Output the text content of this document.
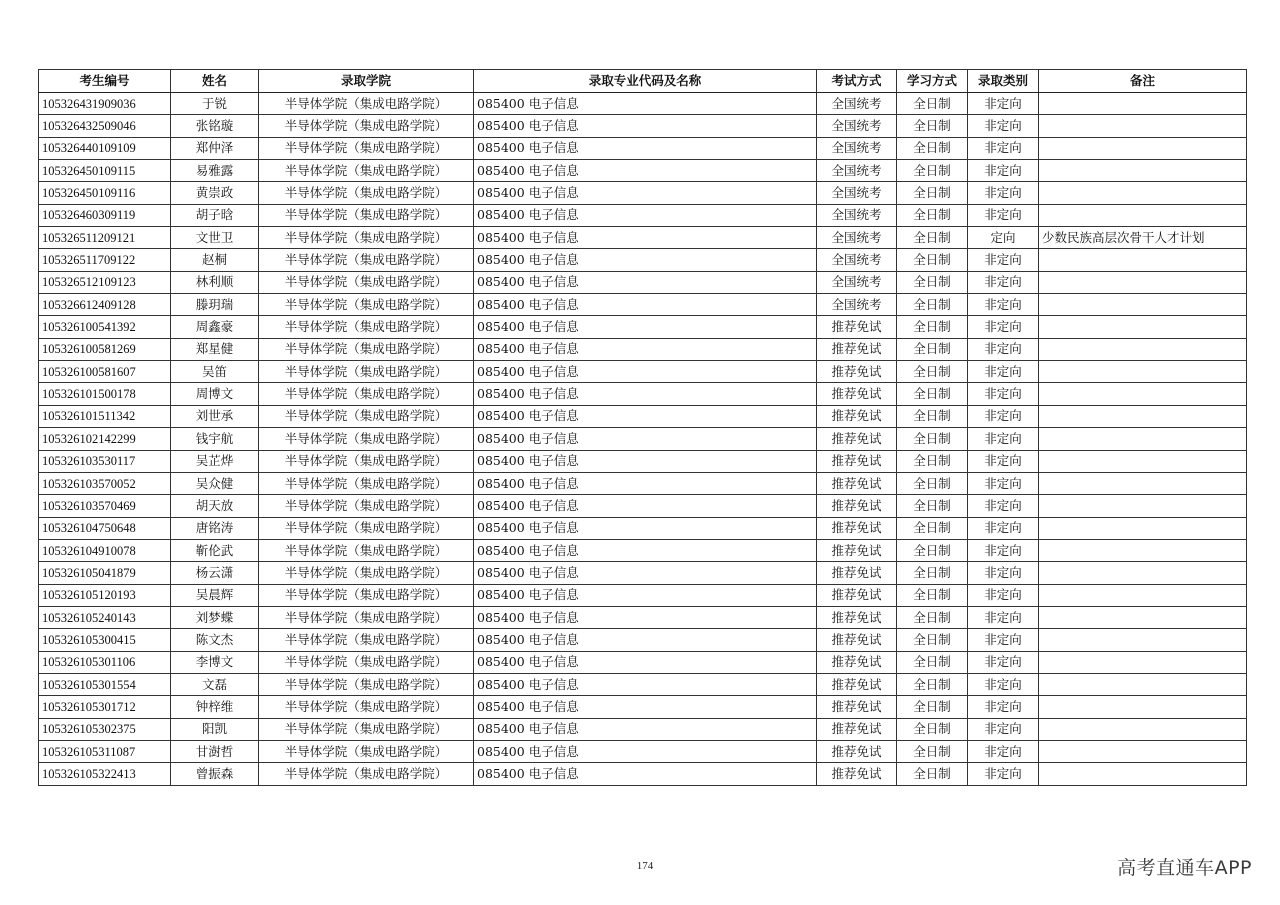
考生编号	姓名	录取学院	录取专业代码及名称	考试方式	学习方式	录取类别	备注
105326431909036	于锐	半导体学院（集成电路学院）	085400 电子信息	全国统考	全日制	非定向	
105326432509046	张铭璇	半导体学院（集成电路学院）	085400 电子信息	全国统考	全日制	非定向	
105326440109109	郑仲泽	半导体学院（集成电路学院）	085400 电子信息	全国统考	全日制	非定向	
105326450109115	易雅露	半导体学院（集成电路学院）	085400 电子信息	全国统考	全日制	非定向	
105326450109116	黄崇政	半导体学院（集成电路学院）	085400 电子信息	全国统考	全日制	非定向	
105326460309119	胡子晗	半导体学院（集成电路学院）	085400 电子信息	全国统考	全日制	非定向	
105326511209121	文世卫	半导体学院（集成电路学院）	085400 电子信息	全国统考	全日制	定向	少数民族高层次骨干人才计划
105326511709122	赵桐	半导体学院（集成电路学院）	085400 电子信息	全国统考	全日制	非定向	
105326512109123	林利顺	半导体学院（集成电路学院）	085400 电子信息	全国统考	全日制	非定向	
105326612409128	滕玥瑞	半导体学院（集成电路学院）	085400 电子信息	全国统考	全日制	非定向	
105326100541392	周鑫豪	半导体学院（集成电路学院）	085400 电子信息	推荐免试	全日制	非定向	
105326100581269	郑星健	半导体学院（集成电路学院）	085400 电子信息	推荐免试	全日制	非定向	
105326100581607	吴笛	半导体学院（集成电路学院）	085400 电子信息	推荐免试	全日制	非定向	
105326101500178	周博文	半导体学院（集成电路学院）	085400 电子信息	推荐免试	全日制	非定向	
105326101511342	刘世承	半导体学院（集成电路学院）	085400 电子信息	推荐免试	全日制	非定向	
105326102142299	钱宇航	半导体学院（集成电路学院）	085400 电子信息	推荐免试	全日制	非定向	
105326103530117	吴芷烨	半导体学院（集成电路学院）	085400 电子信息	推荐免试	全日制	非定向	
105326103570052	吴众健	半导体学院（集成电路学院）	085400 电子信息	推荐免试	全日制	非定向	
105326103570469	胡天放	半导体学院（集成电路学院）	085400 电子信息	推荐免试	全日制	非定向	
105326104750648	唐铭涛	半导体学院（集成电路学院）	085400 电子信息	推荐免试	全日制	非定向	
105326104910078	靳伦武	半导体学院（集成电路学院）	085400 电子信息	推荐免试	全日制	非定向	
105326105041879	杨云潇	半导体学院（集成电路学院）	085400 电子信息	推荐免试	全日制	非定向	
105326105120193	吴晨辉	半导体学院（集成电路学院）	085400 电子信息	推荐免试	全日制	非定向	
105326105240143	刘梦蝶	半导体学院（集成电路学院）	085400 电子信息	推荐免试	全日制	非定向	
105326105300415	陈文杰	半导体学院（集成电路学院）	085400 电子信息	推荐免试	全日制	非定向	
105326105301106	李博文	半导体学院（集成电路学院）	085400 电子信息	推荐免试	全日制	非定向	
105326105301554	文磊	半导体学院（集成电路学院）	085400 电子信息	推荐免试	全日制	非定向	
105326105301712	钟梓维	半导体学院（集成电路学院）	085400 电子信息	推荐免试	全日制	非定向	
105326105302375	阳凯	半导体学院（集成电路学院）	085400 电子信息	推荐免试	全日制	非定向	
105326105311087	甘澍哲	半导体学院（集成电路学院）	085400 电子信息	推荐免试	全日制	非定向	
105326105322413	曾振森	半导体学院（集成电路学院）	085400 电子信息	推荐免试	全日制	非定向	
174	高考直通车APP
